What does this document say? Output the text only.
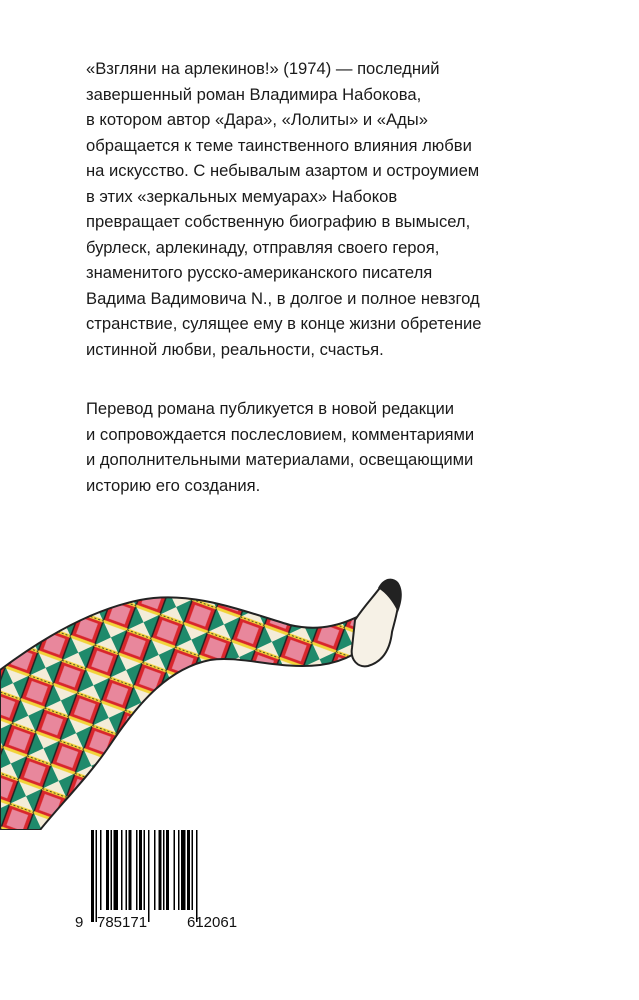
«Взгляни на арлекинов!» (1974) — последний
завершенный роман Владимира Набокова,
в котором автор «Дара», «Лолиты» и «Ады»
обращается к теме таинственного влияния любви
на искусство. С небывалым азартом и остроумием
в этих «зеркальных мемуарах» Набоков
превращает собственную биографию в вымысел,
бурлеск, арлекинаду, отправляя своего героя,
знаменитого русско-американского писателя
Вадима Вадимовича N., в долгое и полное невзгод
странствие, сулящее ему в конце жизни обретение
истинной любви, реальности, счастья.
Перевод романа публикуется в новой редакции
и сопровождается послесловием, комментариями
и дополнительными материалами, освещающими
историю его создания.
9 785171	612061
